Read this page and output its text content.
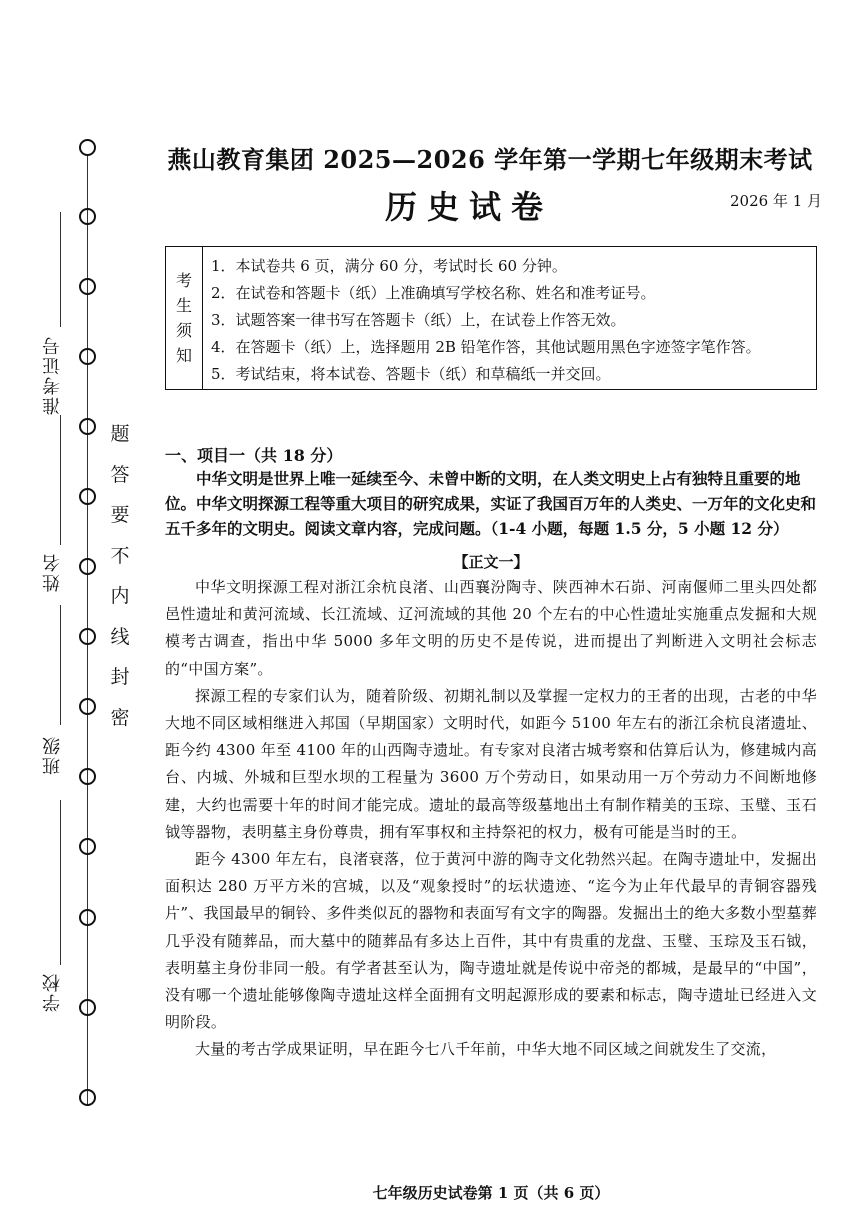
准考证号
姓名
班级
学校
题
答
要
不
内
线
封
密
燕山教育集团 2025—2026 学年第一学期七年级期末考试
历史试卷	2026 年 1 月
考
生
须
知
1．本试卷共 6 页，满分 60 分，考试时长 60 分钟。
2．在试卷和答题卡（纸）上准确填写学校名称、姓名和准考证号。
3．试题答案一律书写在答题卡（纸）上，在试卷上作答无效。
4．在答题卡（纸）上，选择题用 2B 铅笔作答，其他试题用黑色字迹签字笔作答。
5．考试结束，将本试卷、答题卡（纸）和草稿纸一并交回。
一、项目一（共 18 分）
中华文明是世界上唯一延续至今、未曾中断的文明，在人类文明史上占有独特且重要的地位。中华文明探源工程等重大项目的研究成果，实证了我国百万年的人类史、一万年的文化史和五千多年的文明史。阅读文章内容，完成问题。（1-4 小题，每题 1.5 分，5 小题 12 分）
【正文一】

中华文明探源工程对浙江余杭良渚、山西襄汾陶寺、陕西神木石峁、河南偃师二里头四处都邑性遗址和黄河流域、长江流域、辽河流域的其他 20 个左右的中心性遗址实施重点发掘和大规模考古调查，指出中华 5000 多年文明的历史不是传说，进而提出了判断进入文明社会标志的“中国方案”。

探源工程的专家们认为，随着阶级、初期礼制以及掌握一定权力的王者的出现，古老的中华大地不同区域相继进入邦国（早期国家）文明时代，如距今 5100 年左右的浙江余杭良渚遗址、距今约 4300 年至 4100 年的山西陶寺遗址。有专家对良渚古城考察和估算后认为，修建城内高台、内城、外城和巨型水坝的工程量为 3600 万个劳动日，如果动用一万个劳动力不间断地修建，大约也需要十年的时间才能完成。遗址的最高等级墓地出土有制作精美的玉琮、玉璧、玉石钺等器物，表明墓主身份尊贵，拥有军事权和主持祭祀的权力，极有可能是当时的王。

距今 4300 年左右，良渚衰落，位于黄河中游的陶寺文化勃然兴起。在陶寺遗址中，发掘出面积达 280 万平方米的宫城，以及“观象授时”的坛状遗迹、“迄今为止年代最早的青铜容器残片”、我国最早的铜铃、多件类似瓦的器物和表面写有文字的陶器。发掘出土的绝大多数小型墓葬几乎没有随葬品，而大墓中的随葬品有多达上百件，其中有贵重的龙盘、玉璧、玉琮及玉石钺，表明墓主身份非同一般。有学者甚至认为，陶寺遗址就是传说中帝尧的都城，是最早的“中国”，没有哪一个遗址能够像陶寺遗址这样全面拥有文明起源形成的要素和标志，陶寺遗址已经进入文明阶段。

大量的考古学成果证明，早在距今七八千年前，中华大地不同区域之间就发生了交流，

七年级历史试卷第 1 页（共 6 页）
